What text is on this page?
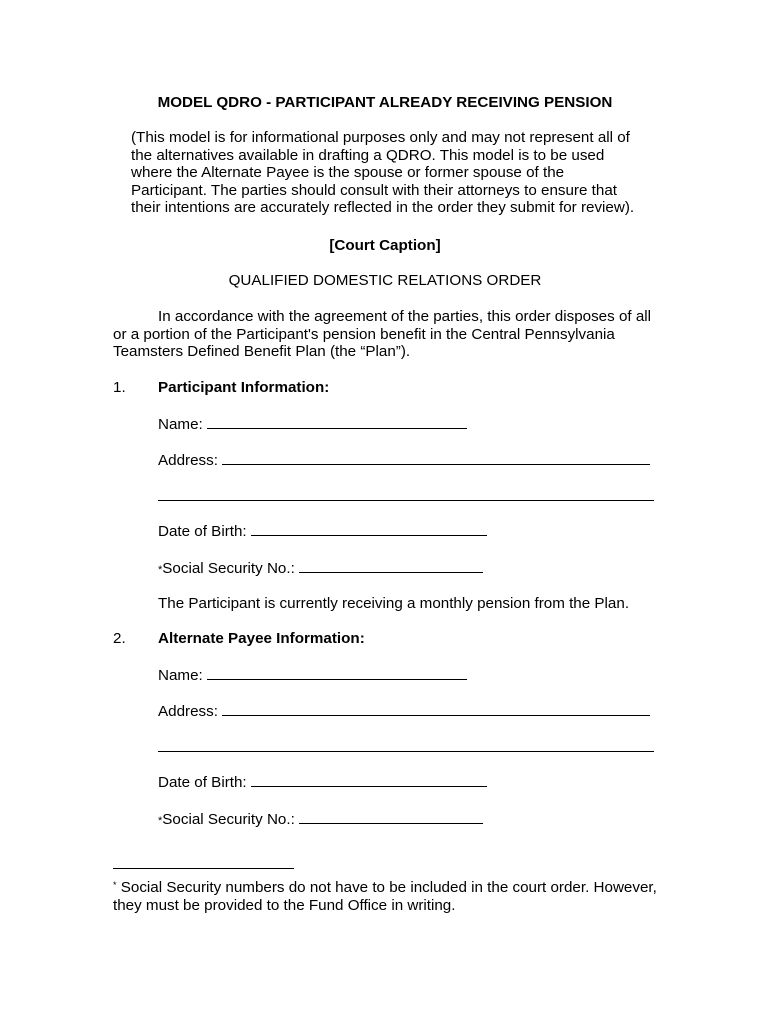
MODEL QDRO - PARTICIPANT ALREADY RECEIVING PENSION
(This model is for informational purposes only and may not represent all of
the alternatives available in drafting a QDRO. This model is to be used
where the Alternate Payee is the spouse or former spouse of the
Participant. The parties should consult with their attorneys to ensure that
their intentions are accurately reflected in the order they submit for review).
[Court Caption]
QUALIFIED DOMESTIC RELATIONS ORDER
In accordance with the agreement of the parties, this order disposes of all
or a portion of the Participant's pension benefit in the Central Pennsylvania
Teamsters Defined Benefit Plan (the “Plan”).
1. Participant Information:
Name:
Address:
Date of Birth:
*Social Security No.:
The Participant is currently receiving a monthly pension from the Plan.
2. Alternate Payee Information:
Name:
Address:
Date of Birth:
*Social Security No.:
* Social Security numbers do not have to be included in the court order. However,
they must be provided to the Fund Office in writing.
